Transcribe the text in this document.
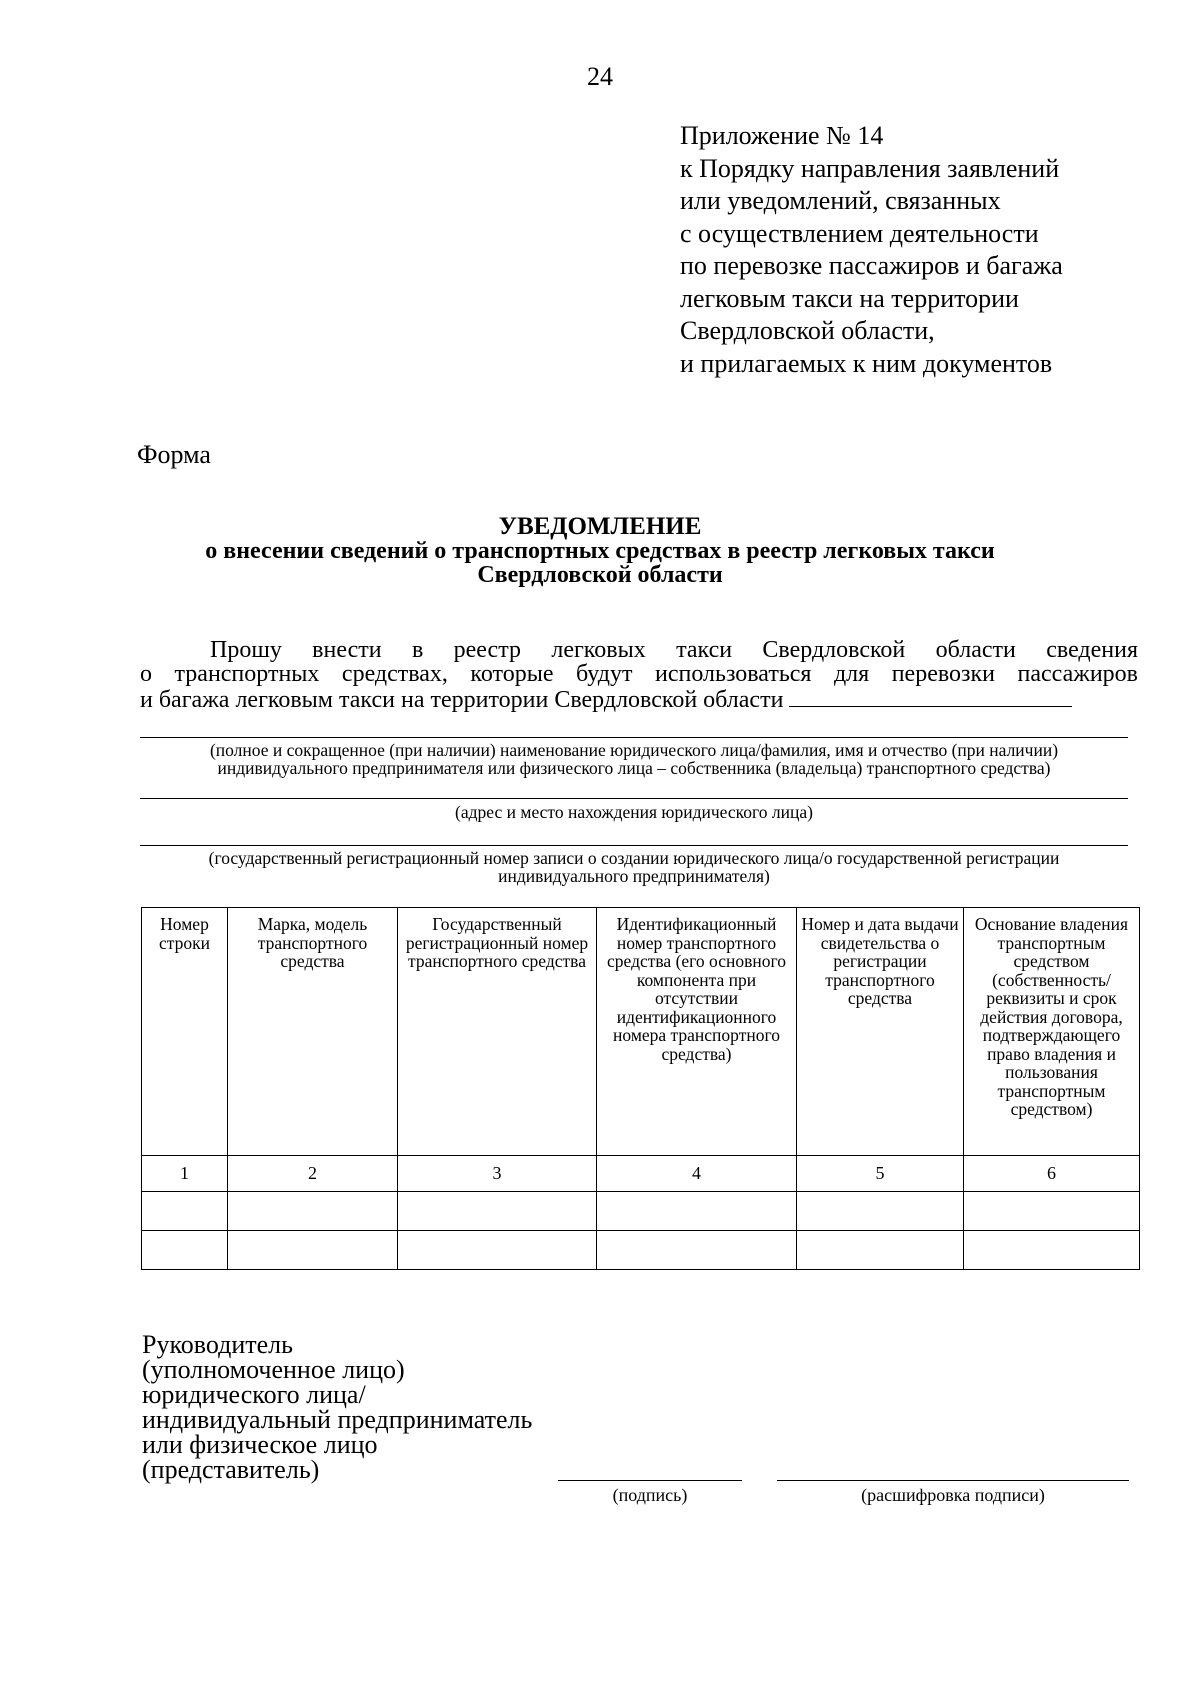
24
Приложение № 14
к Порядку направления заявлений
или уведомлений, связанных
с осуществлением деятельности
по перевозке пассажиров и багажа
легковым такси на территории
Свердловской области,
и прилагаемых к ним документов
Форма
УВЕДОМЛЕНИЕ
о внесении сведений о транспортных средствах в реестр легковых такси
Свердловской области
Прошу внести в реестр легковых такси Свердловской области сведения
о транспортных средствах, которые будут использоваться для перевозки пассажиров
и багажа легковым такси на территории Свердловской области
(полное и сокращенное (при наличии) наименование юридического лица/фамилия, имя и отчество (при наличии)
индивидуального предпринимателя или физического лица – собственника (владельца) транспортного средства)
(адрес и место нахождения юридического лица)
(государственный регистрационный номер записи о создании юридического лица/о государственной регистрации
индивидуального предпринимателя)
Номер строки	Марка, модель транспортного средства	Государственный регистрационный номер транспортного средства	Идентификационный номер транспортного средства (его основного компонента при отсутствии идентификационного номера транспортного средства)	Номер и дата выдачи свидетельства о регистрации транспортного средства	Основание владения транспортным средством (собственность/ реквизиты и срок действия договора, подтверждающего право владения и пользования транспортным средством)
1	2	3	4	5	6

Руководитель
(уполномоченное лицо)
юридического лица/
индивидуальный предприниматель
или физическое лицо
(представитель)
(подпись)	(расшифровка подписи)
